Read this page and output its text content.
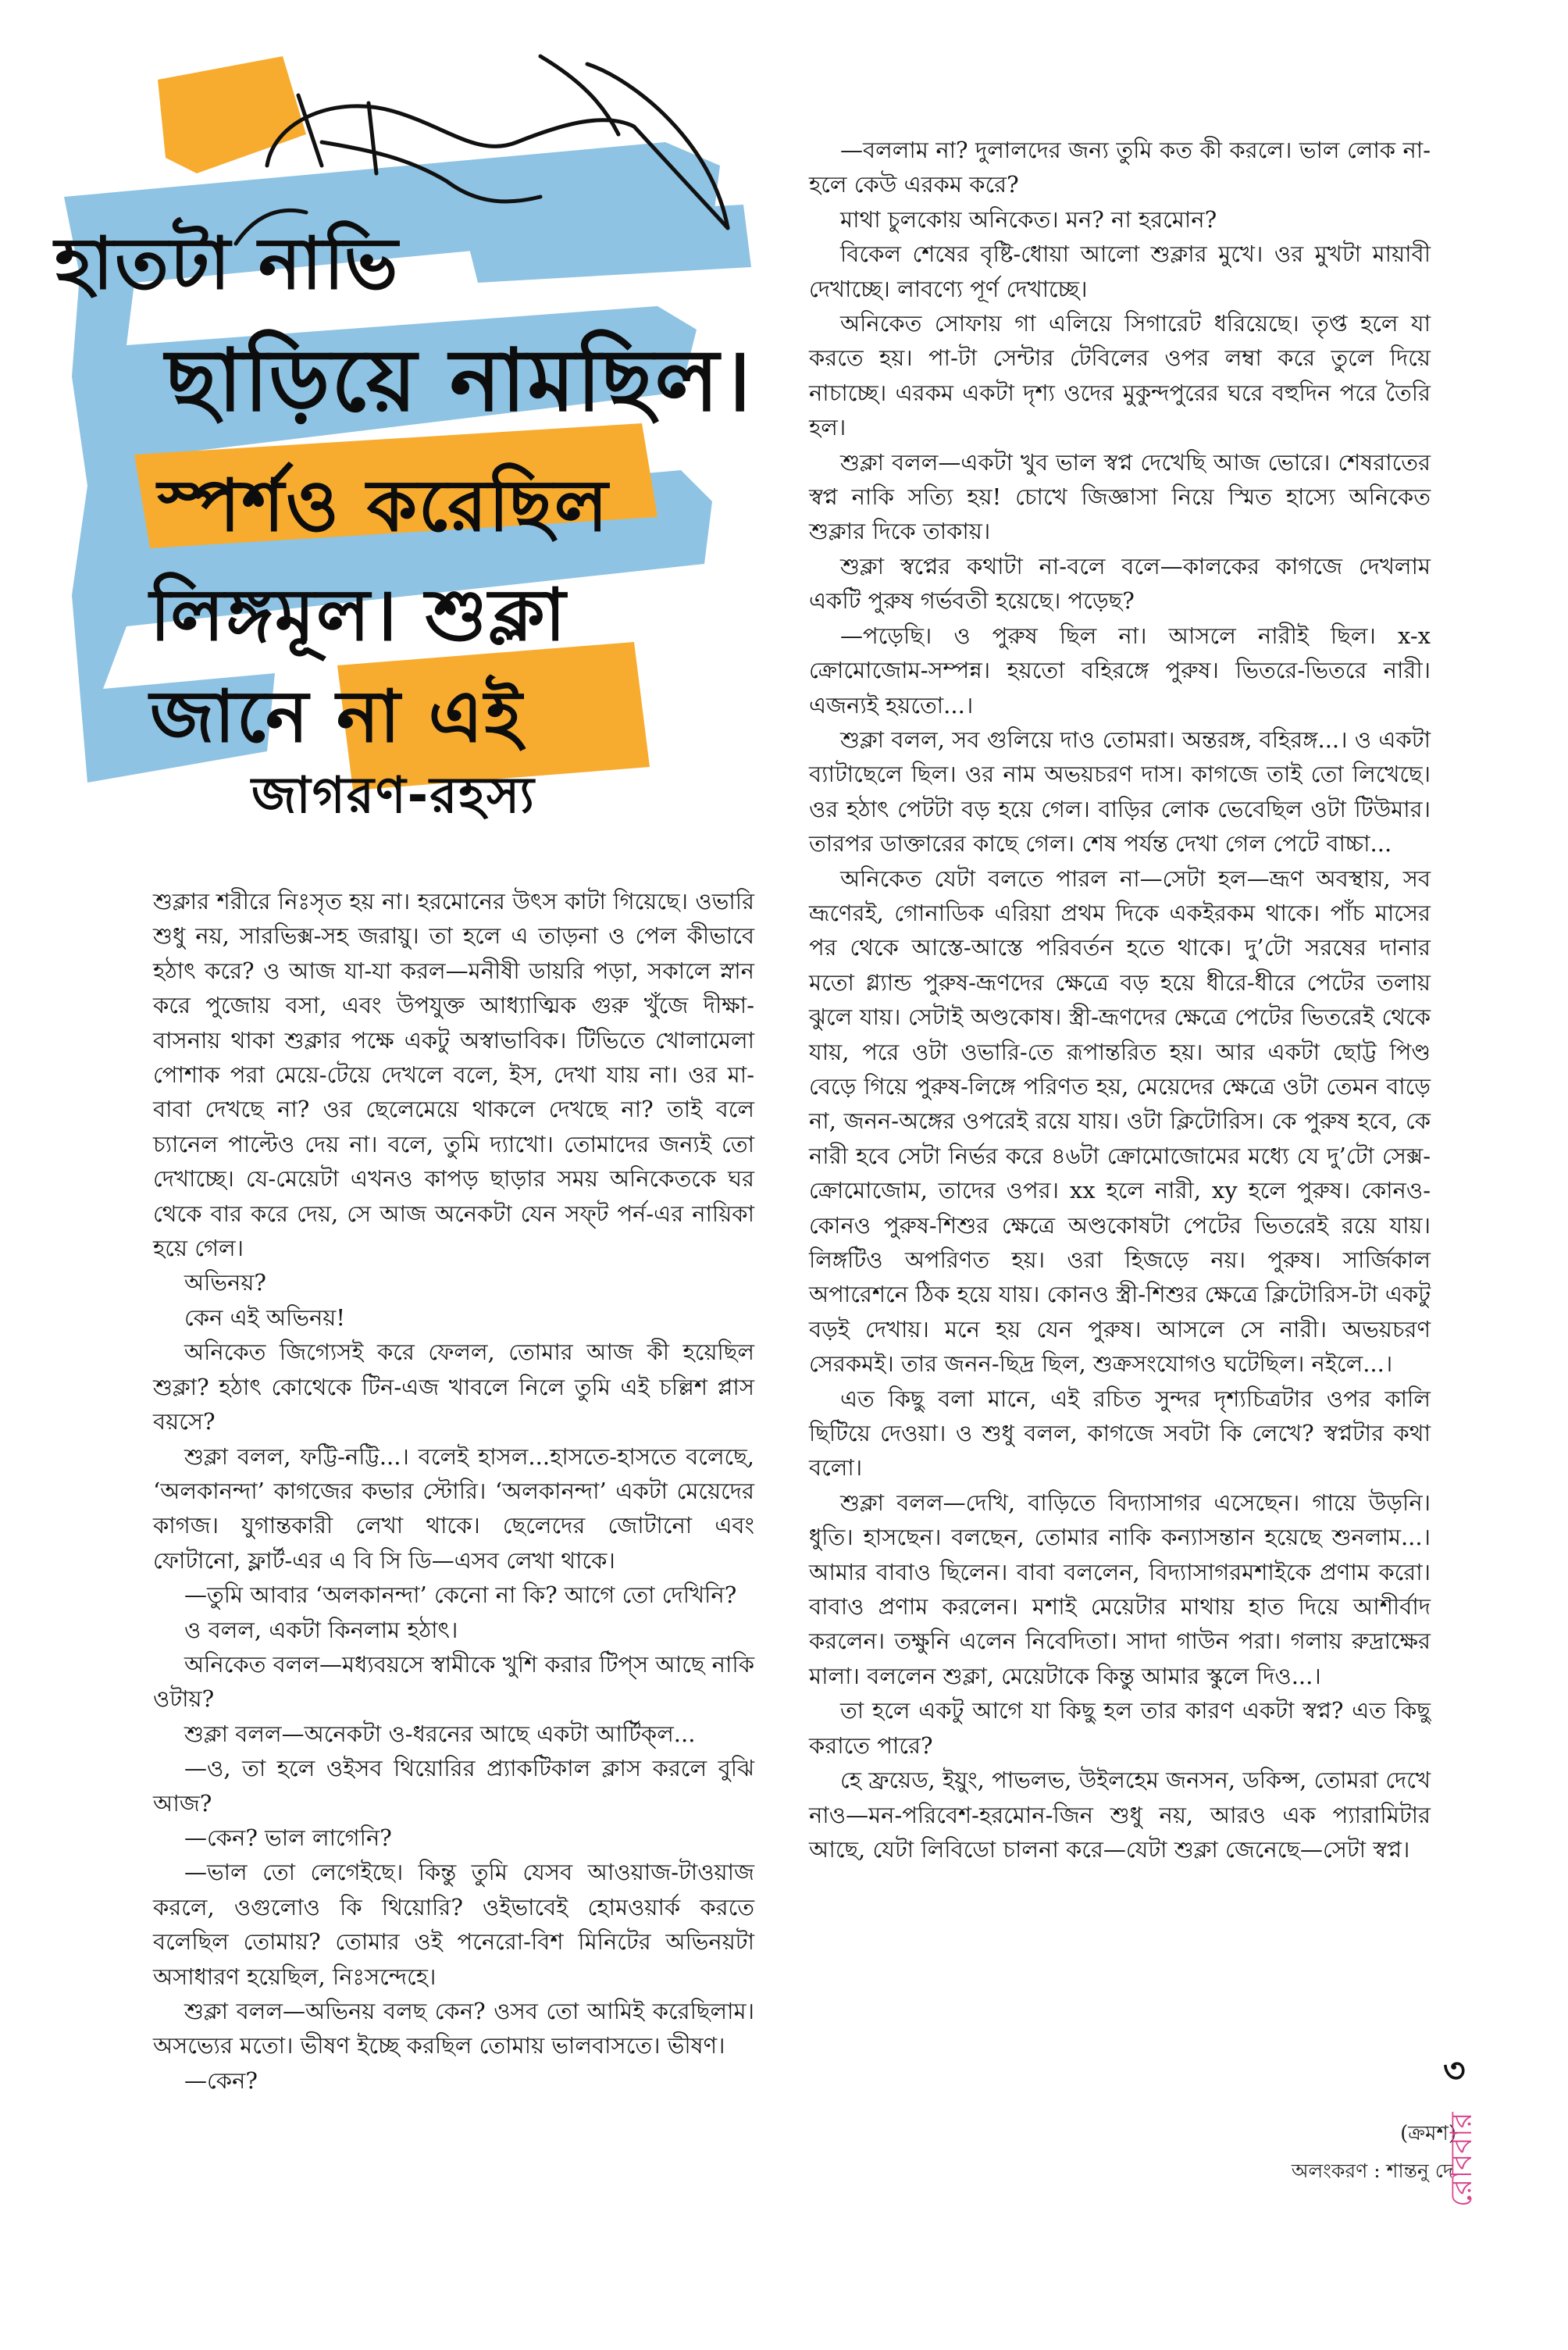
হাতটা নাভি
ছাড়িয়ে নামছিল।
স্পর্শও করেছিল
লিঙ্গমূল। শুক্লা
জানে না এই
জাগরণ-রহস্য

শুক্লার শরীরে নিঃসৃত হয় না। হরমোনের উৎস কাটা গিয়েছে। ওভারি শুধু নয়, সারভিক্স-সহ জরায়ু। তা হলে এ তাড়না ও পেল কীভাবে হঠাৎ করে? ও আজ যা-যা করল—মনীষী ডায়রি পড়া, সকালে স্নান করে পুজোয় বসা, এবং উপযুক্ত আধ্যাত্মিক গুরু খুঁজে দীক্ষা-বাসনায় থাকা শুক্লার পক্ষে একটু অস্বাভাবিক। টিভিতে খোলামেলা পোশাক পরা মেয়ে-টেয়ে দেখলে বলে, ইস, দেখা যায় না। ওর মা-বাবা দেখছে না? ওর ছেলেমেয়ে থাকলে দেখছে না? তাই বলে চ্যানেল পাল্টেও দেয় না। বলে, তুমি দ্যাখো। তোমাদের জন্যই তো দেখাচ্ছে। যে-মেয়েটা এখনও কাপড় ছাড়ার সময় অনিকেতকে ঘর থেকে বার করে দেয়, সে আজ অনেকটা যেন সফ্‌ট পর্ন-এর নায়িকা হয়ে গেল।

অভিনয়?

কেন এই অভিনয়!

অনিকেত জিগ্যেসই করে ফেলল, তোমার আজ কী হয়েছিল শুক্লা? হঠাৎ কোথেকে টিন-এজ খাবলে নিলে তুমি এই চল্লিশ প্লাস বয়সে?

শুক্লা বলল, ফট্টি-নট্টি...। বলেই হাসল...হাসতে-হাসতে বলেছে, ‘অলকানন্দা’ কাগজের কভার স্টোরি। ‘অলকানন্দা’ একটা মেয়েদের কাগজ। যুগান্তকারী লেখা থাকে। ছেলেদের জোটানো এবং ফোটানো, ফ্লার্ট-এর এ বি সি ডি—এসব লেখা থাকে।

—তুমি আবার ‘অলকানন্দা’ কেনো না কি? আগে তো দেখিনি?

ও বলল, একটা কিনলাম হঠাৎ।

অনিকেত বলল—মধ্যবয়সে স্বামীকে খুশি করার টিপ্‌স আছে নাকি ওটায়?

শুক্লা বলল—অনেকটা ও-ধরনের আছে একটা আর্টিক্‌ল...

—ও, তা হলে ওইসব থিয়োরির প্র্যাকটিকাল ক্লাস করলে বুঝি আজ?

—কেন? ভাল লাগেনি?

—ভাল তো লেগেইছে। কিন্তু তুমি যেসব আওয়াজ-টাওয়াজ করলে, ওগুলোও কি থিয়োরি? ওইভাবেই হোমওয়ার্ক করতে বলেছিল তোমায়? তোমার ওই পনেরো-বিশ মিনিটের অভিনয়টা অসাধারণ হয়েছিল, নিঃসন্দেহে।

শুক্লা বলল—অভিনয় বলছ কেন? ওসব তো আমিই করেছিলাম। অসভ্যের মতো। ভীষণ ইচ্ছে করছিল তোমায় ভালবাসতে। ভীষণ।

—কেন?

—বললাম না? দুলালদের জন্য তুমি কত কী করলে। ভাল লোক না-হলে কেউ এরকম করে?

মাথা চুলকোয় অনিকেত। মন? না হরমোন?

বিকেল শেষের বৃষ্টি-ধোয়া আলো শুক্লার মুখে। ওর মুখটা মায়াবী দেখাচ্ছে। লাবণ্যে পূর্ণ দেখাচ্ছে।

অনিকেত সোফায় গা এলিয়ে সিগারেট ধরিয়েছে। তৃপ্ত হলে যা করতে হয়। পা-টা সেন্টার টেবিলের ওপর লম্বা করে তুলে দিয়ে নাচাচ্ছে। এরকম একটা দৃশ্য ওদের মুকুন্দপুরের ঘরে বহুদিন পরে তৈরি হল।

শুক্লা বলল—একটা খুব ভাল স্বপ্ন দেখেছি আজ ভোরে। শেষরাতের স্বপ্ন নাকি সত্যি হয়! চোখে জিজ্ঞাসা নিয়ে স্মিত হাস্যে অনিকেত শুক্লার দিকে তাকায়।

শুক্লা স্বপ্নের কথাটা না-বলে বলে—কালকের কাগজে দেখলাম একটি পুরুষ গর্ভবতী হয়েছে। পড়েছ?

—পড়েছি। ও পুরুষ ছিল না। আসলে নারীই ছিল। x-x ক্রোমোজোম-সম্পন্ন। হয়তো বহিরঙ্গে পুরুষ। ভিতরে-ভিতরে নারী। এজন্যই হয়তো...।

শুক্লা বলল, সব গুলিয়ে দাও তোমরা। অন্তরঙ্গ, বহিরঙ্গ...। ও একটা ব্যাটাছেলে ছিল। ওর নাম অভয়চরণ দাস। কাগজে তাই তো লিখেছে। ওর হঠাৎ পেটটা বড় হয়ে গেল। বাড়ির লোক ভেবেছিল ওটা টিউমার। তারপর ডাক্তারের কাছে গেল। শেষ পর্যন্ত দেখা গেল পেটে বাচ্চা...

অনিকেত যেটা বলতে পারল না—সেটা হল—ভ্রূণ অবস্থায়, সব ভ্রূণেরই, গোনাডিক এরিয়া প্রথম দিকে একইরকম থাকে। পাঁচ মাসের পর থেকে আস্তে-আস্তে পরিবর্তন হতে থাকে। দু’টো সরষের দানার মতো গ্ল্যান্ড পুরুষ-ভ্রূণদের ক্ষেত্রে বড় হয়ে ধীরে-ধীরে পেটের তলায় ঝুলে যায়। সেটাই অণ্ডকোষ। স্ত্রী-ভ্রূণদের ক্ষেত্রে পেটের ভিতরেই থেকে যায়, পরে ওটা ওভারি-তে রূপান্তরিত হয়। আর একটা ছোট্ট পিণ্ড বেড়ে গিয়ে পুরুষ-লিঙ্গে পরিণত হয়, মেয়েদের ক্ষেত্রে ওটা তেমন বাড়ে না, জনন-অঙ্গের ওপরেই রয়ে যায়। ওটা ক্লিটোরিস। কে পুরুষ হবে, কে নারী হবে সেটা নির্ভর করে ৪৬টা ক্রোমোজোমের মধ্যে যে দু’টো সেক্স-ক্রোমোজোম, তাদের ওপর। xx হলে নারী, xy হলে পুরুষ। কোনও-কোনও পুরুষ-শিশুর ক্ষেত্রে অণ্ডকোষটা পেটের ভিতরেই রয়ে যায়। লিঙ্গটিও অপরিণত হয়। ওরা হিজড়ে নয়। পুরুষ। সার্জিকাল অপারেশনে ঠিক হয়ে যায়। কোনও স্ত্রী-শিশুর ক্ষেত্রে ক্লিটোরিস-টা একটু বড়ই দেখায়। মনে হয় যেন পুরুষ। আসলে সে নারী। অভয়চরণ সেরকমই। তার জনন-ছিদ্র ছিল, শুক্রসংযোগও ঘটেছিল। নইলে...।

এত কিছু বলা মানে, এই রচিত সুন্দর দৃশ্যচিত্রটার ওপর কালি ছিটিয়ে দেওয়া। ও শুধু বলল, কাগজে সবটা কি লেখে? স্বপ্নটার কথা বলো।

শুক্লা বলল—দেখি, বাড়িতে বিদ্যাসাগর এসেছেন। গায়ে উড়নি। ধুতি। হাসছেন। বলছেন, তোমার নাকি কন্যাসন্তান হয়েছে শুনলাম...। আমার বাবাও ছিলেন। বাবা বললেন, বিদ্যাসাগরমশাইকে প্রণাম করো। বাবাও প্রণাম করলেন। মশাই মেয়েটার মাথায় হাত দিয়ে আশীর্বাদ করলেন। তক্ষুনি এলেন নিবেদিতা। সাদা গাউন পরা। গলায় রুদ্রাক্ষের মালা। বললেন শুক্লা, মেয়েটাকে কিন্তু আমার স্কুলে দিও...।

তা হলে একটু আগে যা কিছু হল তার কারণ একটা স্বপ্ন? এত কিছু করাতে পারে?

হে ফ্রয়েড, ইয়ুং, পাভলভ, উইলহেম জনসন, ডকিন্স, তোমরা দেখে নাও—মন-পরিবেশ-হরমোন-জিন শুধু নয়, আরও এক প্যারামিটার আছে, যেটা লিবিডো চালনা করে—যেটা শুক্লা জেনেছে—সেটা স্বপ্ন।

(ক্রমশ)

অলংকরণ : শান্তনু দে

৩

রোববার
